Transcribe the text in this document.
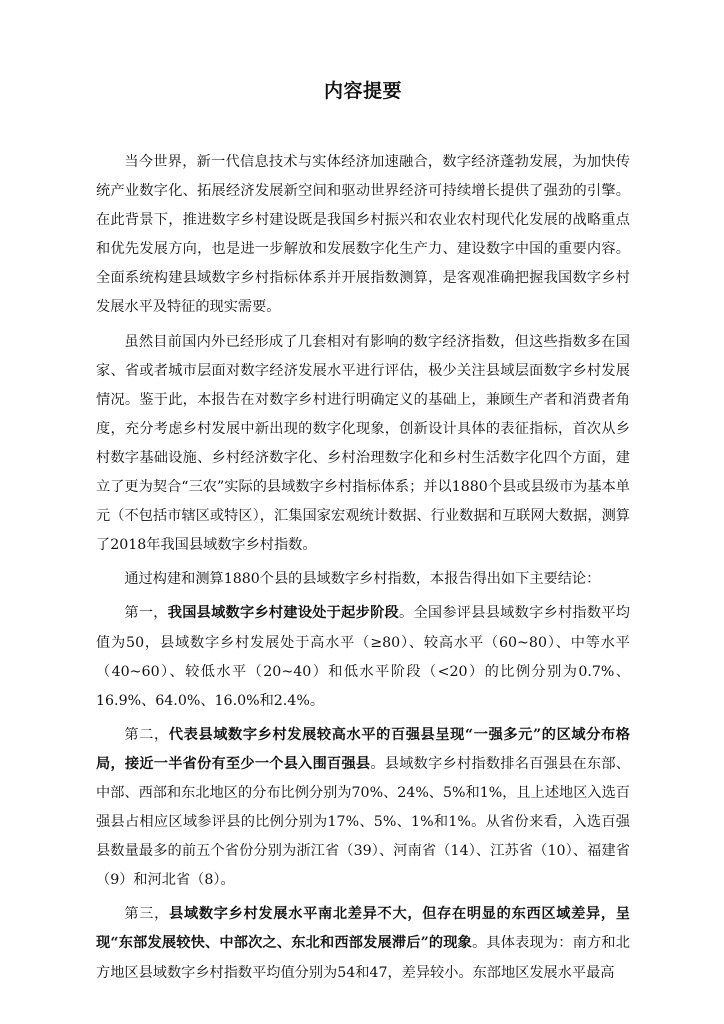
内容提要

当今世界，新一代信息技术与实体经济加速融合，数字经济蓬勃发展，为加快传统产业数字化、拓展经济发展新空间和驱动世界经济可持续增长提供了强劲的引擎。在此背景下，推进数字乡村建设既是我国乡村振兴和农业农村现代化发展的战略重点和优先发展方向，也是进一步解放和发展数字化生产力、建设数字中国的重要内容。全面系统构建县域数字乡村指标体系并开展指数测算，是客观准确把握我国数字乡村发展水平及特征的现实需要。

虽然目前国内外已经形成了几套相对有影响的数字经济指数，但这些指数多在国家、省或者城市层面对数字经济发展水平进行评估，极少关注县域层面数字乡村发展情况。鉴于此，本报告在对数字乡村进行明确定义的基础上，兼顾生产者和消费者角度，充分考虑乡村发展中新出现的数字化现象，创新设计具体的表征指标，首次从乡村数字基础设施、乡村经济数字化、乡村治理数字化和乡村生活数字化四个方面，建立了更为契合“三农”实际的县域数字乡村指标体系；并以1880个县或县级市为基本单元（不包括市辖区或特区），汇集国家宏观统计数据、行业数据和互联网大数据，测算了2018年我国县域数字乡村指数。

通过构建和测算1880个县的县域数字乡村指数，本报告得出如下主要结论：

第一，我国县域数字乡村建设处于起步阶段。全国参评县县域数字乡村指数平均值为50，县域数字乡村发展处于高水平（≥80）、较高水平（60~80）、中等水平（40~60）、较低水平（20~40）和低水平阶段（<20）的比例分别为0.7%、16.9%、64.0%、16.0%和2.4%。

第二，代表县域数字乡村发展较高水平的百强县呈现“一强多元”的区域分布格局，接近一半省份有至少一个县入围百强县。县域数字乡村指数排名百强县在东部、中部、西部和东北地区的分布比例分别为70%、24%、5%和1%，且上述地区入选百强县占相应区域参评县的比例分别为17%、5%、1%和1%。从省份来看，入选百强县数量最多的前五个省份分别为浙江省（39）、河南省（14）、江苏省（10）、福建省（9）和河北省（8）。

第三，县域数字乡村发展水平南北差异不大，但存在明显的东西区域差异，呈现“东部发展较快、中部次之、东北和西部发展滞后”的现象。具体表现为：南方和北方地区县域数字乡村指数平均值分别为54和47，差异较小。东部地区发展水平最高
